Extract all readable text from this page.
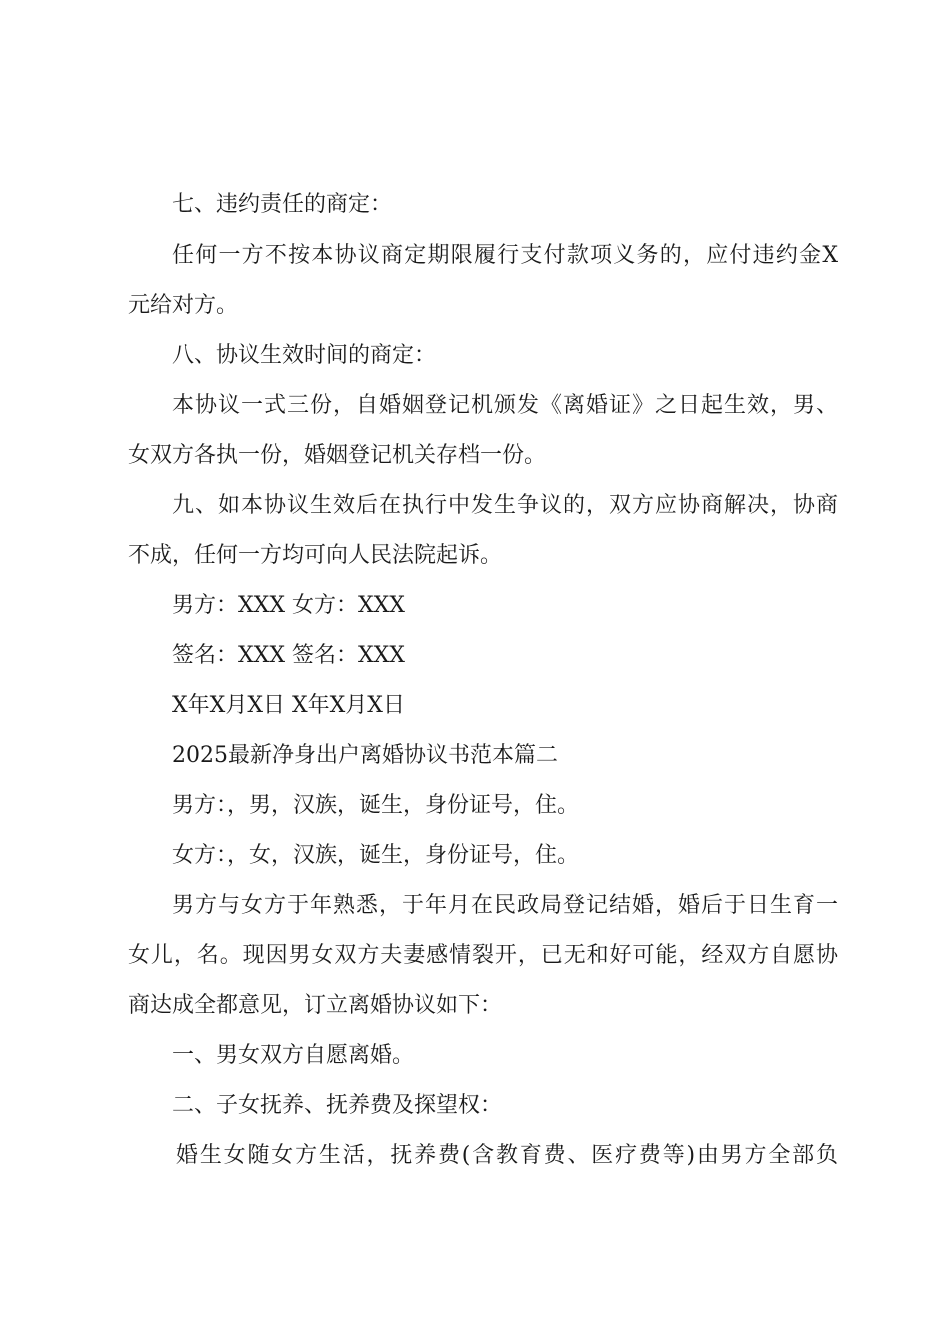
七、违约责任的商定：

任何一方不按本协议商定期限履行支付款项义务的，应付违约金X

元给对方。

八、协议生效时间的商定：

本协议一式三份，自婚姻登记机颁发《离婚证》之日起生效，男、

女双方各执一份，婚姻登记机关存档一份。

九、如本协议生效后在执行中发生争议的，双方应协商解决，协商

不成，任何一方均可向人民法院起诉。

男方：XXX 女方：XXX

签名：XXX 签名：XXX

X年X月X日 X年X月X日

2025最新净身出户离婚协议书范本篇二

男方：，男，汉族，诞生，身份证号，住。

女方：，女，汉族，诞生，身份证号，住。

男方与女方于年熟悉，于年月在民政局登记结婚，婚后于日生育一

女儿，名。现因男女双方夫妻感情裂开，已无和好可能，经双方自愿协

商达成全都意见，订立离婚协议如下：

一、男女双方自愿离婚。

二、子女抚养、抚养费及探望权：

婚生女随女方生活，抚养费(含教育费、医疗费等)由男方全部负
